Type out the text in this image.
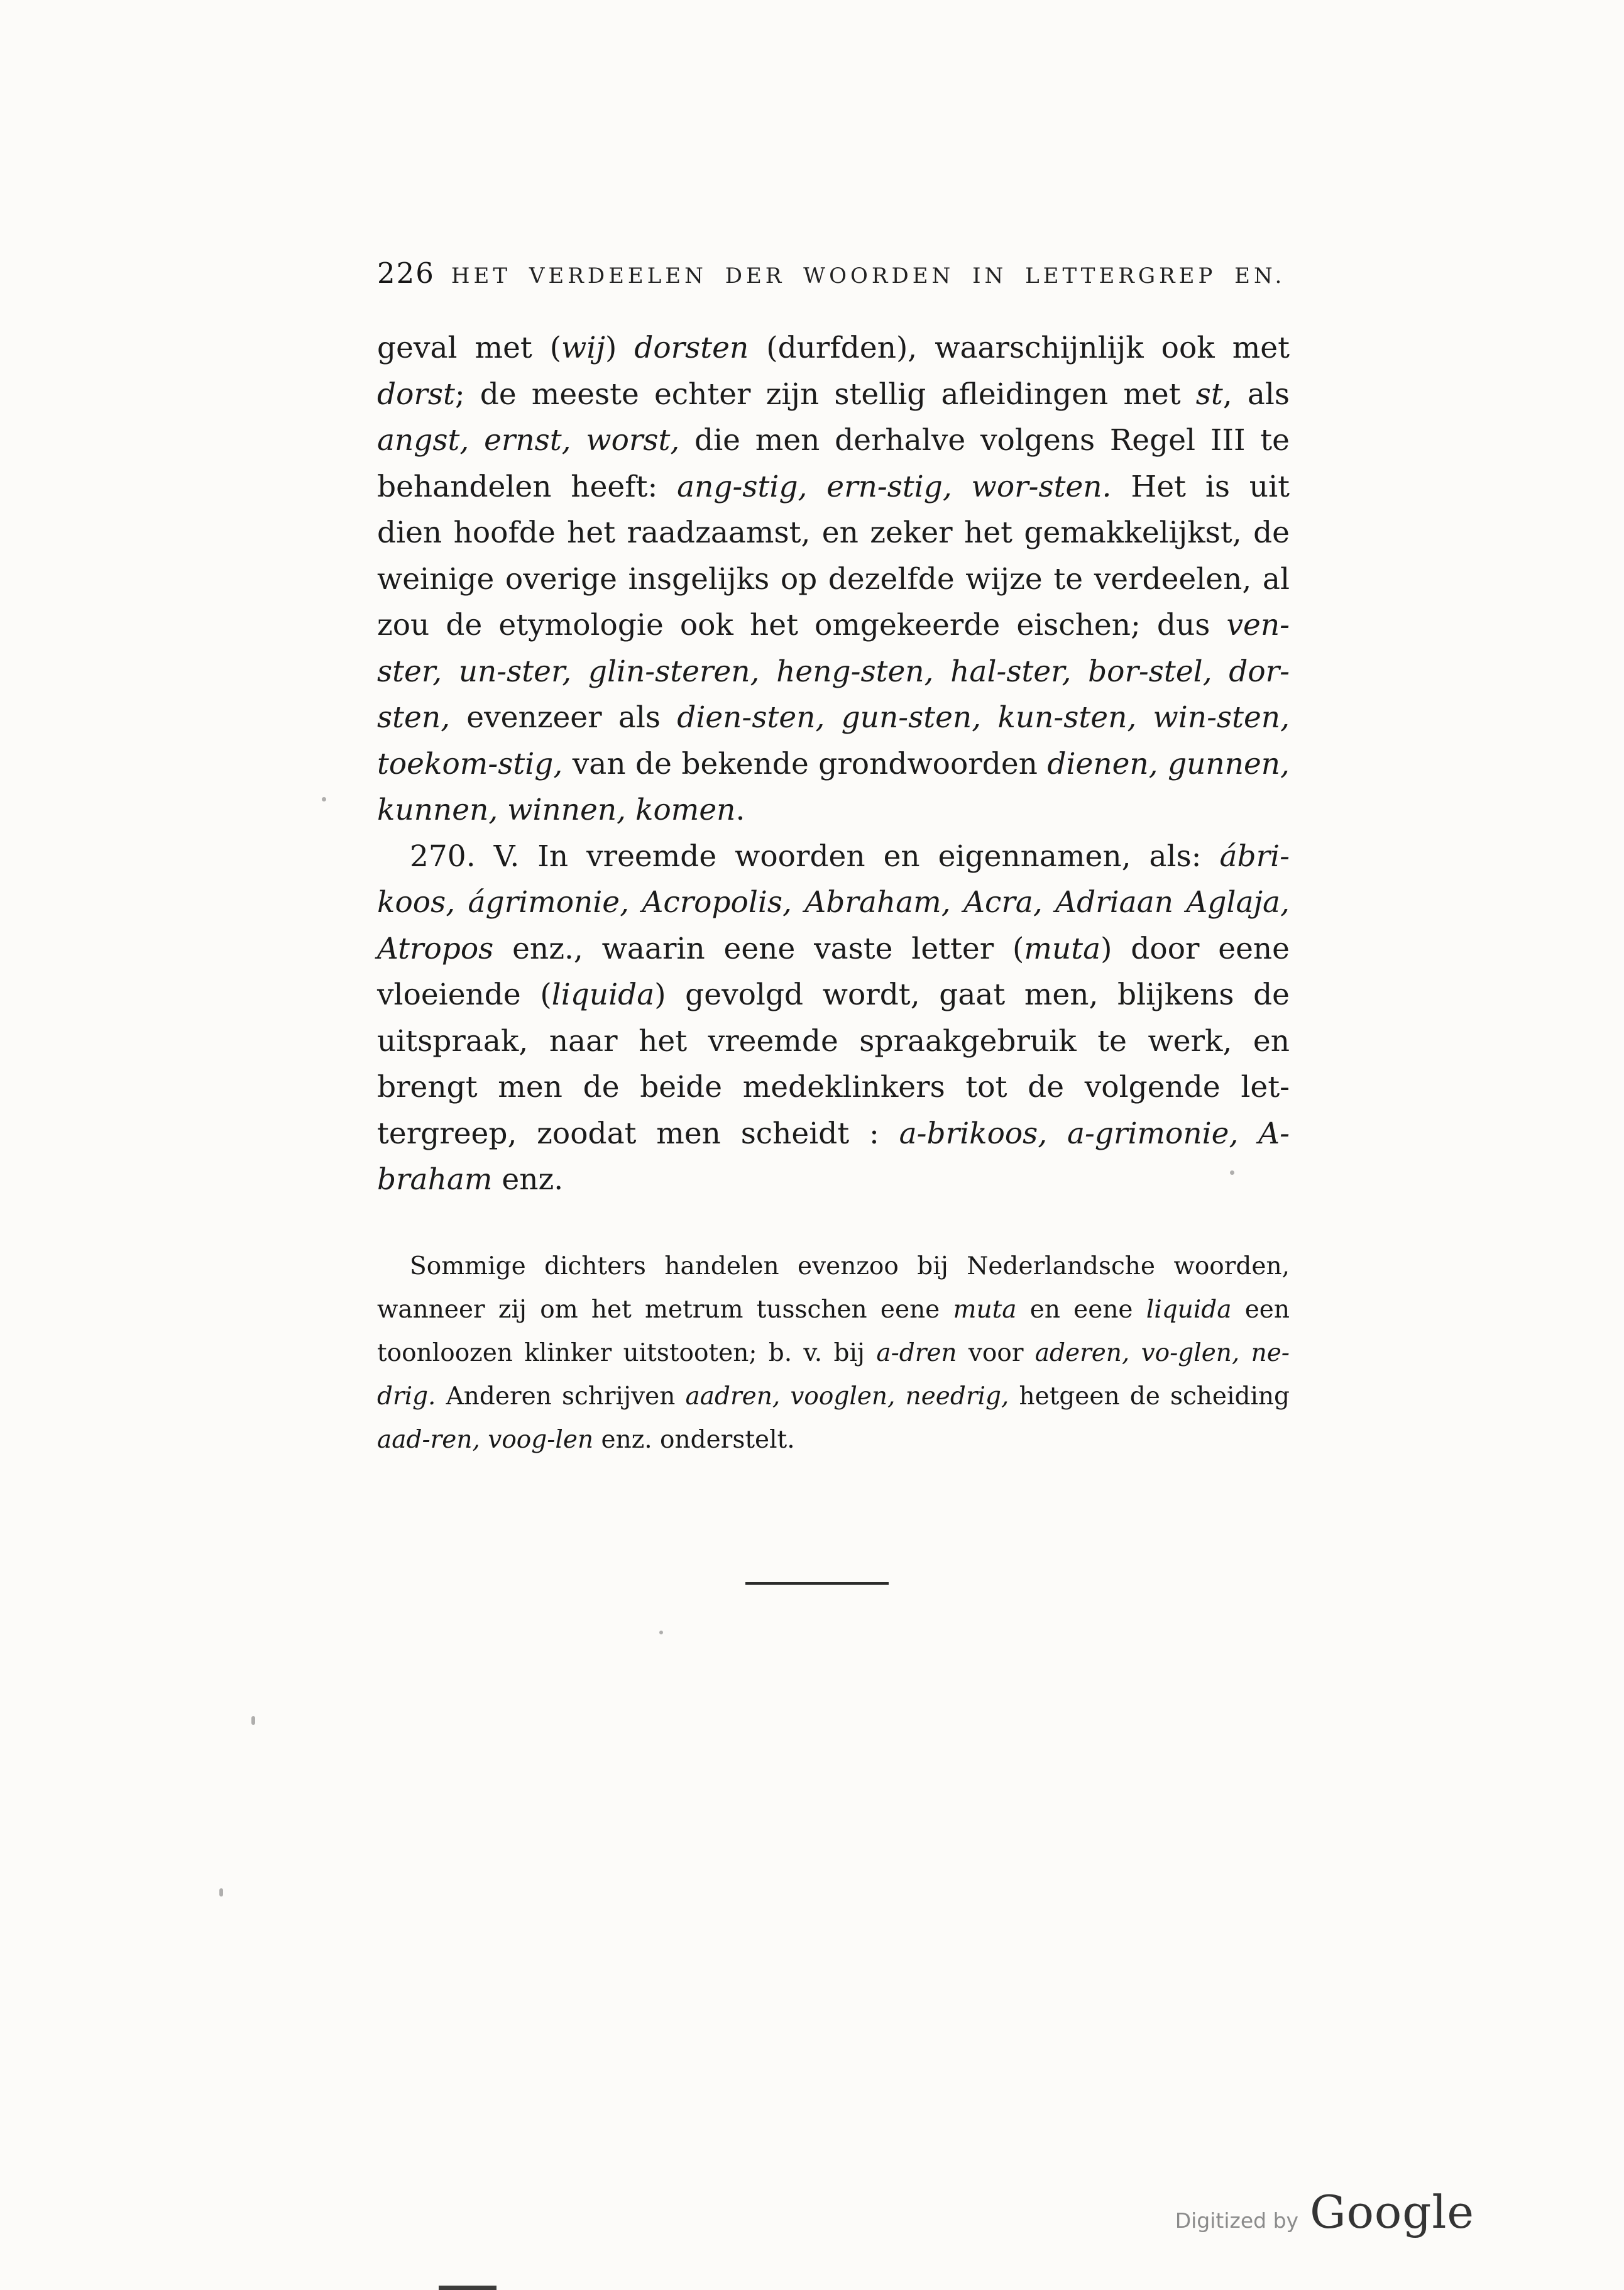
226 HET VERDEELEN DER WOORDEN IN LETTERGREP EN.

geval met (wij) dorsten (durfden), waarschijnlijk ook met dorst; de meeste echter zijn stellig afleidingen met st, als angst, ernst, worst, die men derhalve volgens Regel III te behandelen heeft: ang-stig, ern-stig, wor-sten. Het is uit dien hoofde het raadzaamst, en zeker het gemakkelijkst, de weinige overige insgelijks op dezelfde wijze te verdeelen, al zou de etymologie ook het omgekeerde eischen; dus ven-ster, un-ster, glin-steren, heng-sten, hal-ster, bor-stel, dor-sten, evenzeer als dien-sten, gun-sten, kun-sten, win-sten, toekom-stig, van de bekende grondwoorden dienen, gunnen, kunnen, winnen, komen.

270. V. In vreemde woorden en eigennamen, als: ábri-koos, ágrimonie, Acropolis, Abraham, Acra, Adriaan Aglaja, Atropos enz., waarin eene vaste letter (muta) door eene vloeiende (liquida) gevolgd wordt, gaat men, blijkens de uitspraak, naar het vreemde spraakgebruik te werk, en brengt men de beide medeklinkers tot de volgende let-tergreep, zoodat men scheidt : a-brikoos, a-grimonie, A-braham enz.

Sommige dichters handelen evenzoo bij Nederlandsche woorden, wanneer zij om het metrum tusschen eene muta en eene liquida een toonloozen klinker uitstooten; b. v. bij a-dren voor aderen, vo-glen, ne-drig. Anderen schrijven aadren, vooglen, needrig, hetgeen de scheiding aad-ren, voog-len enz. onderstelt.

Digitized by Google
